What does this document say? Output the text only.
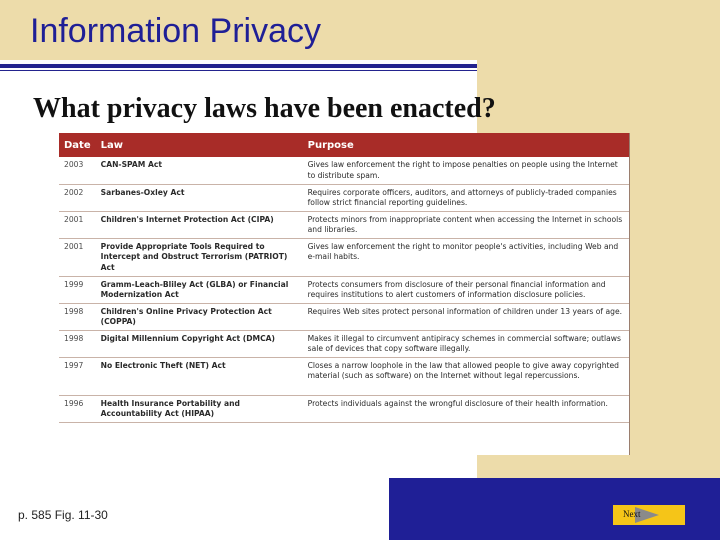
Information Privacy
What privacy laws have been enacted?
Date	Law	Purpose
2003	CAN-SPAM Act	Gives law enforcement the right to impose penalties on people using the Internet to distribute spam.
2002	Sarbanes-Oxley Act	Requires corporate officers, auditors, and attorneys of publicly-traded companies follow strict financial reporting guidelines.
2001	Children's Internet Protection Act (CIPA)	Protects minors from inappropriate content when accessing the Internet in schools and libraries.
2001	Provide Appropriate Tools Required to Intercept and Obstruct Terrorism (PATRIOT) Act	Gives law enforcement the right to monitor people's activities, including Web and e-mail habits.
1999	Gramm-Leach-Bliley Act (GLBA) or Financial Modernization Act	Protects consumers from disclosure of their personal financial information and requires institutions to alert customers of information disclosure policies.
1998	Children's Online Privacy Protection Act (COPPA)	Requires Web sites protect personal information of children under 13 years of age.
1998	Digital Millennium Copyright Act (DMCA)	Makes it illegal to circumvent antipiracy schemes in commercial software; outlaws sale of devices that copy software illegally.
1997	No Electronic Theft (NET) Act	Closes a narrow loophole in the law that allowed people to give away copyrighted material (such as software) on the Internet without legal repercussions.
1996	Health Insurance Portability and Accountability Act (HIPAA)	Protects individuals against the wrongful disclosure of their health information.
p. 585 Fig. 11-30	Next
